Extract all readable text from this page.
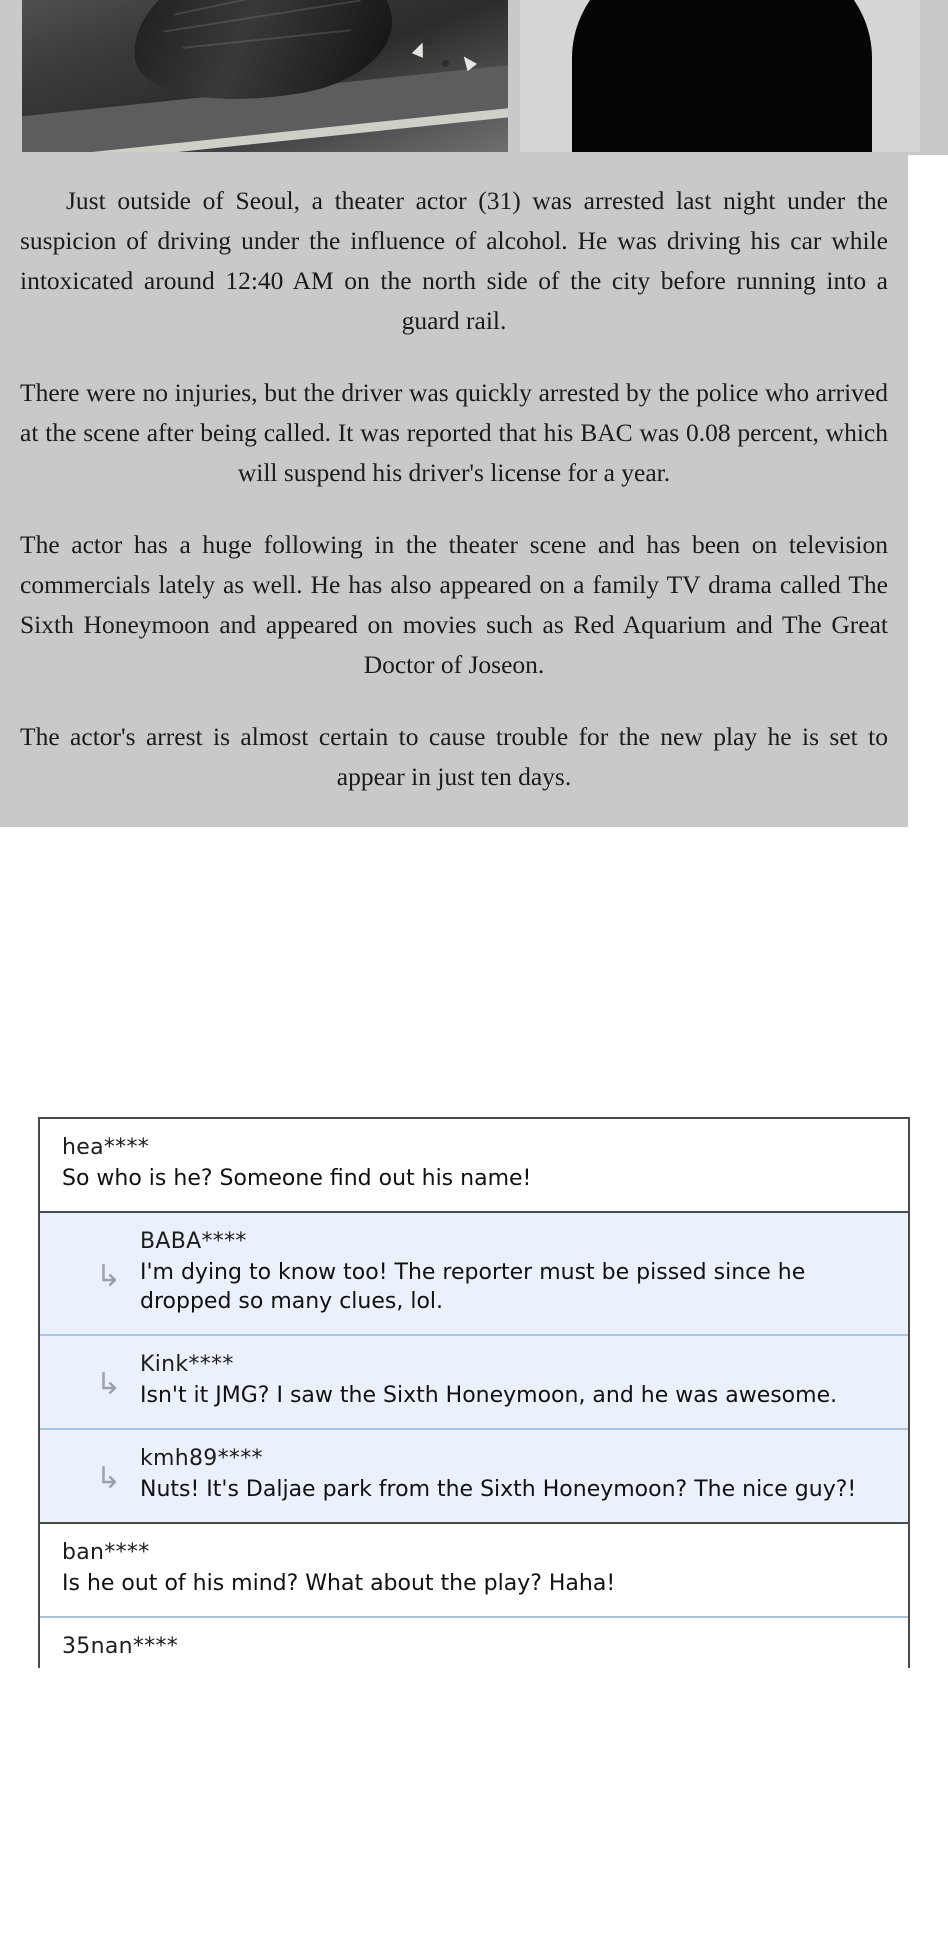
Just outside of Seoul, a theater actor (31) was arrested last night under the suspicion of driving under the influence of alcohol. He was driving his car while intoxicated around 12:40 AM on the north side of the city before running into a guard rail.

There were no injuries, but the driver was quickly arrested by the police who arrived at the scene after being called. It was reported that his BAC was 0.08 percent, which will suspend his driver's license for a year.

The actor has a huge following in the theater scene and has been on television commercials lately as well. He has also appeared on a family TV drama called The Sixth Honeymoon and appeared on movies such as Red Aquarium and The Great Doctor of Joseon.

The actor's arrest is almost certain to cause trouble for the new play he is set to appear in just ten days.

hea****
So who is he? Someone find out his name!
↳
BABA****
I'm dying to know too! The reporter must be pissed since he dropped so many clues, lol.
↳
Kink****
Isn't it JMG? I saw the Sixth Honeymoon, and he was awesome.
↳
kmh89****
Nuts! It's Daljae park from the Sixth Honeymoon? The nice guy?!
ban****
Is he out of his mind? What about the play? Haha!
35nan****
